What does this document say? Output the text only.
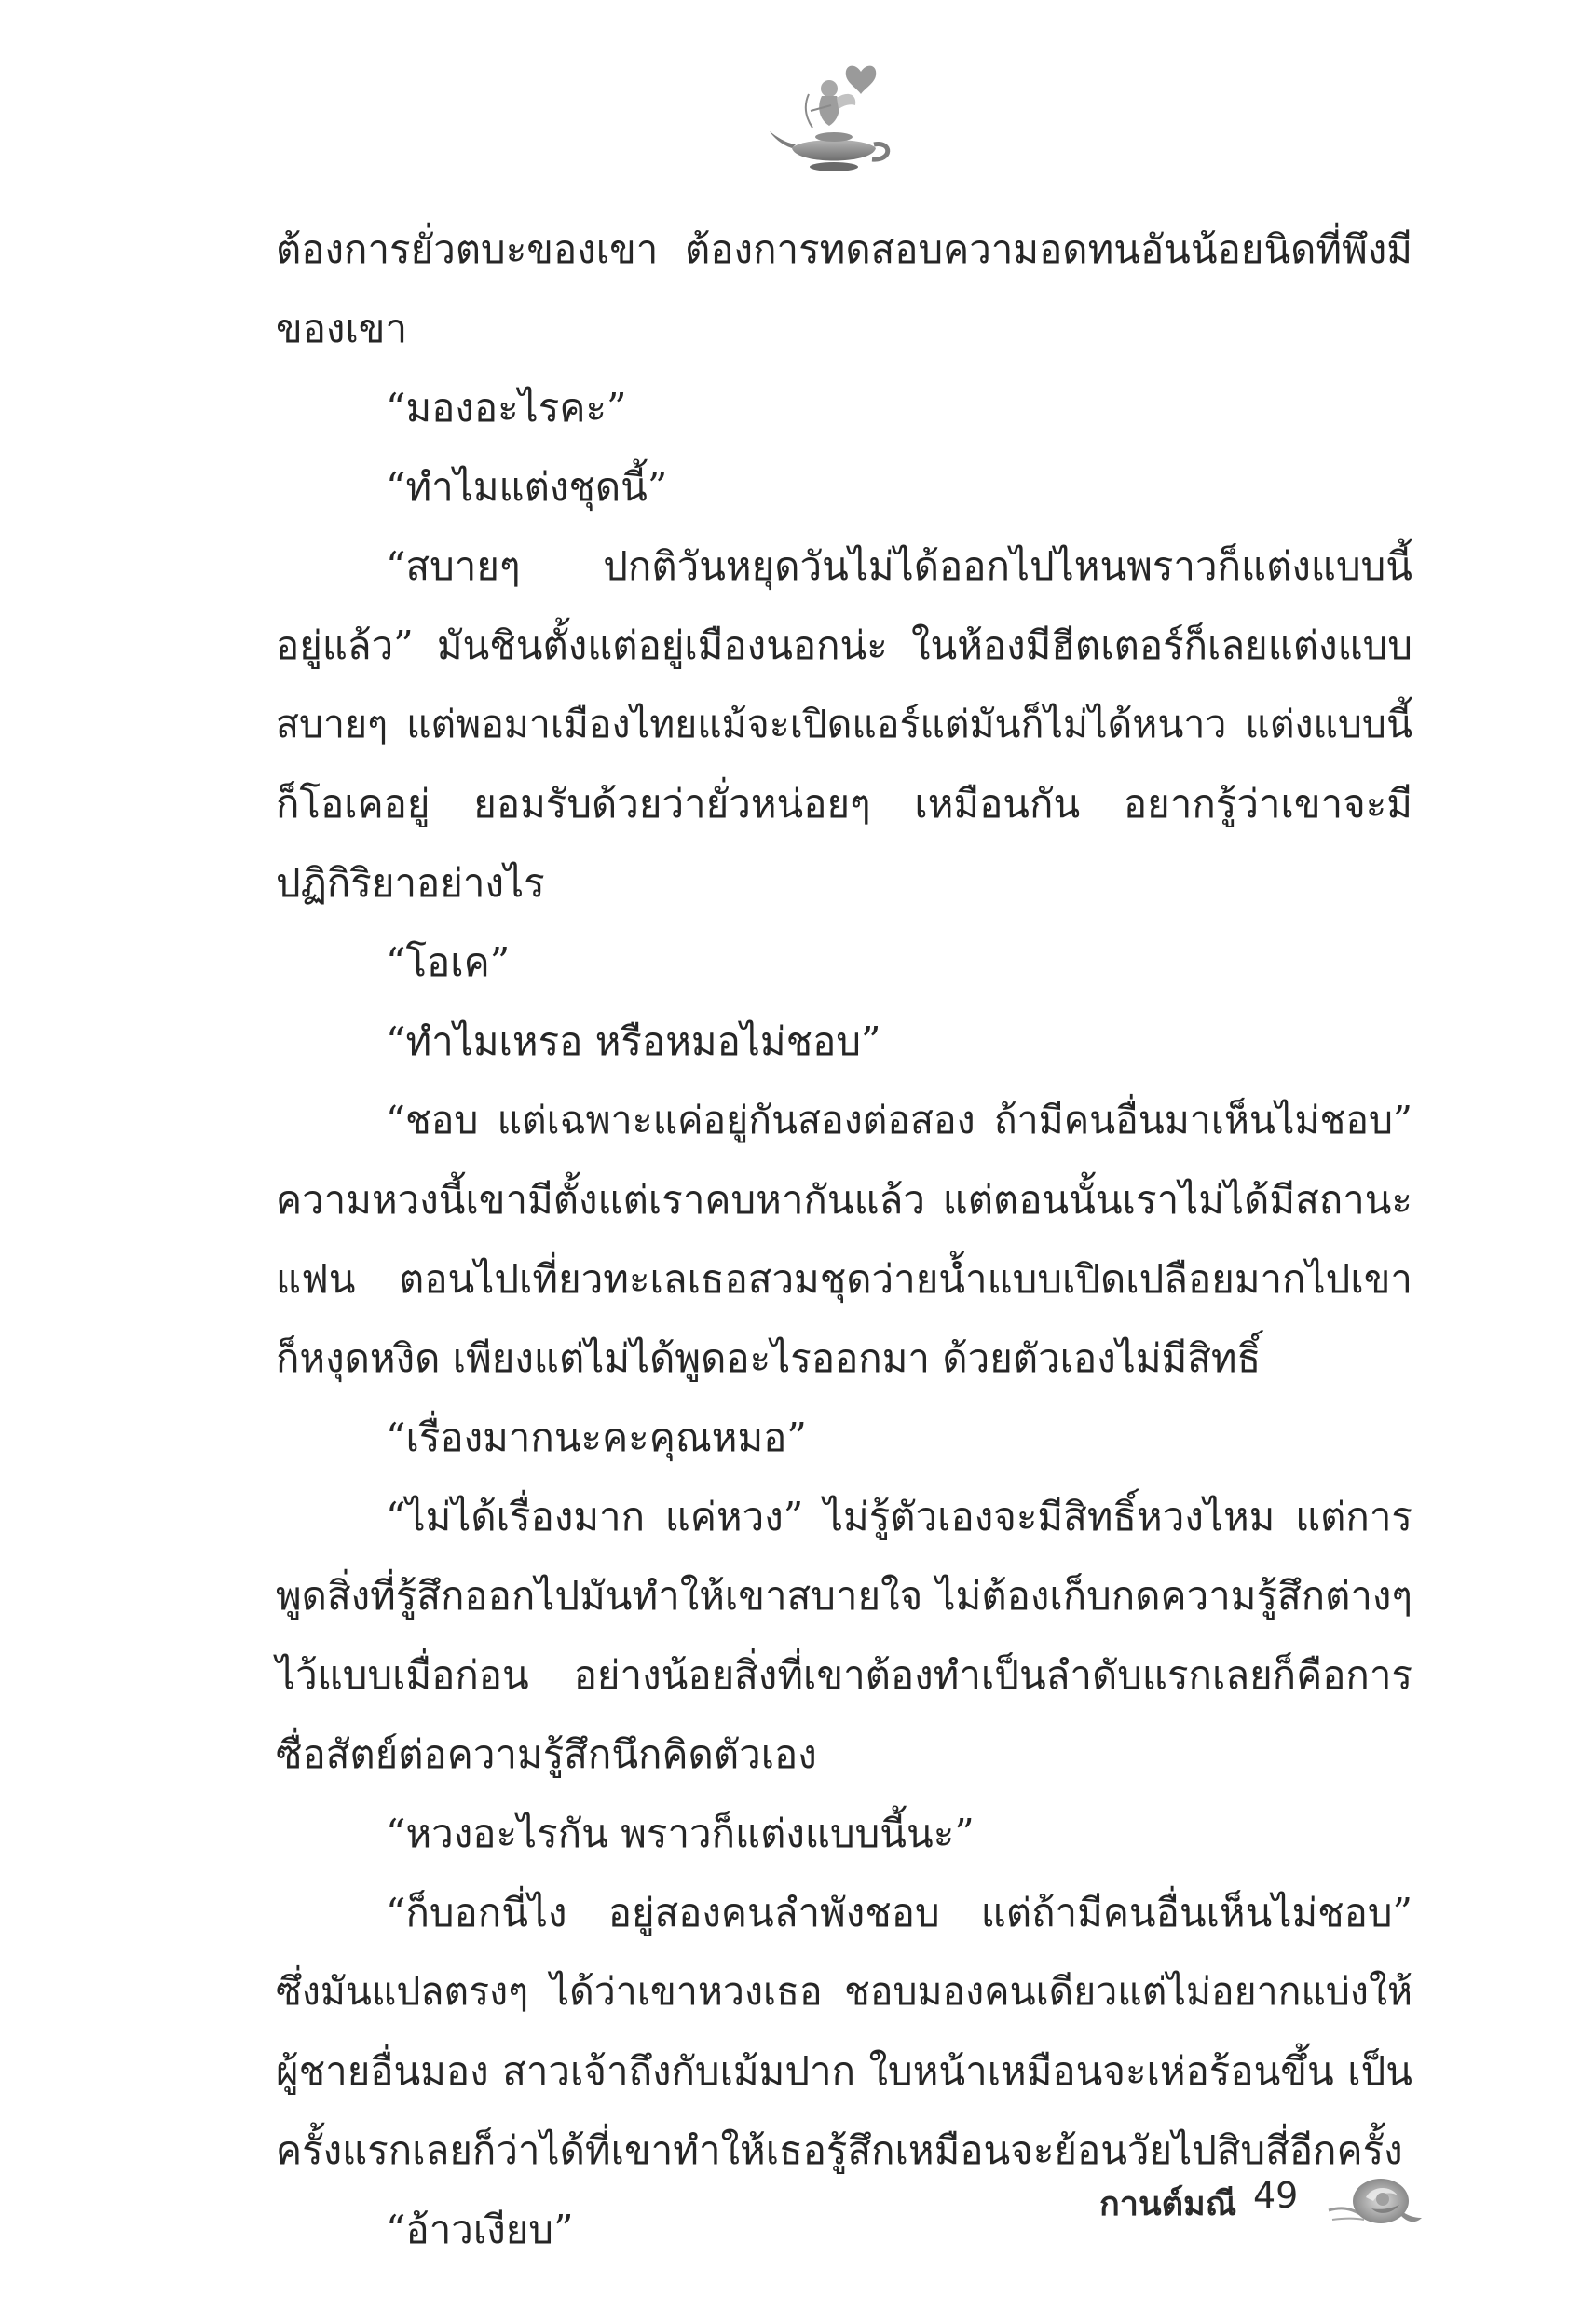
ต้องการยั่วตบะของเขา ต้องการทดสอบความอดทนอันน้อยนิดที่พึงมี
ของเขา
“มองอะไรคะ”
“ทำไมแต่งชุดนี้”
“สบายๆ ปกติวันหยุดวันไม่ได้ออกไปไหนพราวก็แต่งแบบนี้
อยู่แล้ว” มันชินตั้งแต่อยู่เมืองนอกน่ะ ในห้องมีฮีตเตอร์ก็เลยแต่งแบบ
สบายๆ แต่พอมาเมืองไทยแม้จะเปิดแอร์แต่มันก็ไม่ได้หนาว แต่งแบบนี้
ก็โอเคอยู่ ยอมรับด้วยว่ายั่วหน่อยๆ เหมือนกัน อยากรู้ว่าเขาจะมี
ปฏิกิริยาอย่างไร
“โอเค”
“ทำไมเหรอ หรือหมอไม่ชอบ”
“ชอบ แต่เฉพาะแค่อยู่กันสองต่อสอง ถ้ามีคนอื่นมาเห็นไม่ชอบ”
ความหวงนี้เขามีตั้งแต่เราคบหากันแล้ว แต่ตอนนั้นเราไม่ได้มีสถานะ
แฟน ตอนไปเที่ยวทะเลเธอสวมชุดว่ายน้ำแบบเปิดเปลือยมากไปเขา
ก็หงุดหงิด เพียงแต่ไม่ได้พูดอะไรออกมา ด้วยตัวเองไม่มีสิทธิ์
“เรื่องมากนะคะคุณหมอ”
“ไม่ได้เรื่องมาก แค่หวง” ไม่รู้ตัวเองจะมีสิทธิ์หวงไหม แต่การ
พูดสิ่งที่รู้สึกออกไปมันทำให้เขาสบายใจ ไม่ต้องเก็บกดความรู้สึกต่างๆ
ไว้แบบเมื่อก่อน อย่างน้อยสิ่งที่เขาต้องทำเป็นลำดับแรกเลยก็คือการ
ซื่อสัตย์ต่อความรู้สึกนึกคิดตัวเอง
“หวงอะไรกัน พราวก็แต่งแบบนี้นะ”
“ก็บอกนี่ไง อยู่สองคนลำพังชอบ แต่ถ้ามีคนอื่นเห็นไม่ชอบ”
ซึ่งมันแปลตรงๆ ได้ว่าเขาหวงเธอ ชอบมองคนเดียวแต่ไม่อยากแบ่งให้
ผู้ชายอื่นมอง สาวเจ้าถึงกับเม้มปาก ใบหน้าเหมือนจะเห่อร้อนขึ้น เป็น
ครั้งแรกเลยก็ว่าได้ที่เขาทำให้เธอรู้สึกเหมือนจะย้อนวัยไปสิบสี่อีกครั้ง
“อ้าวเงียบ”
กานต์มณี 49
